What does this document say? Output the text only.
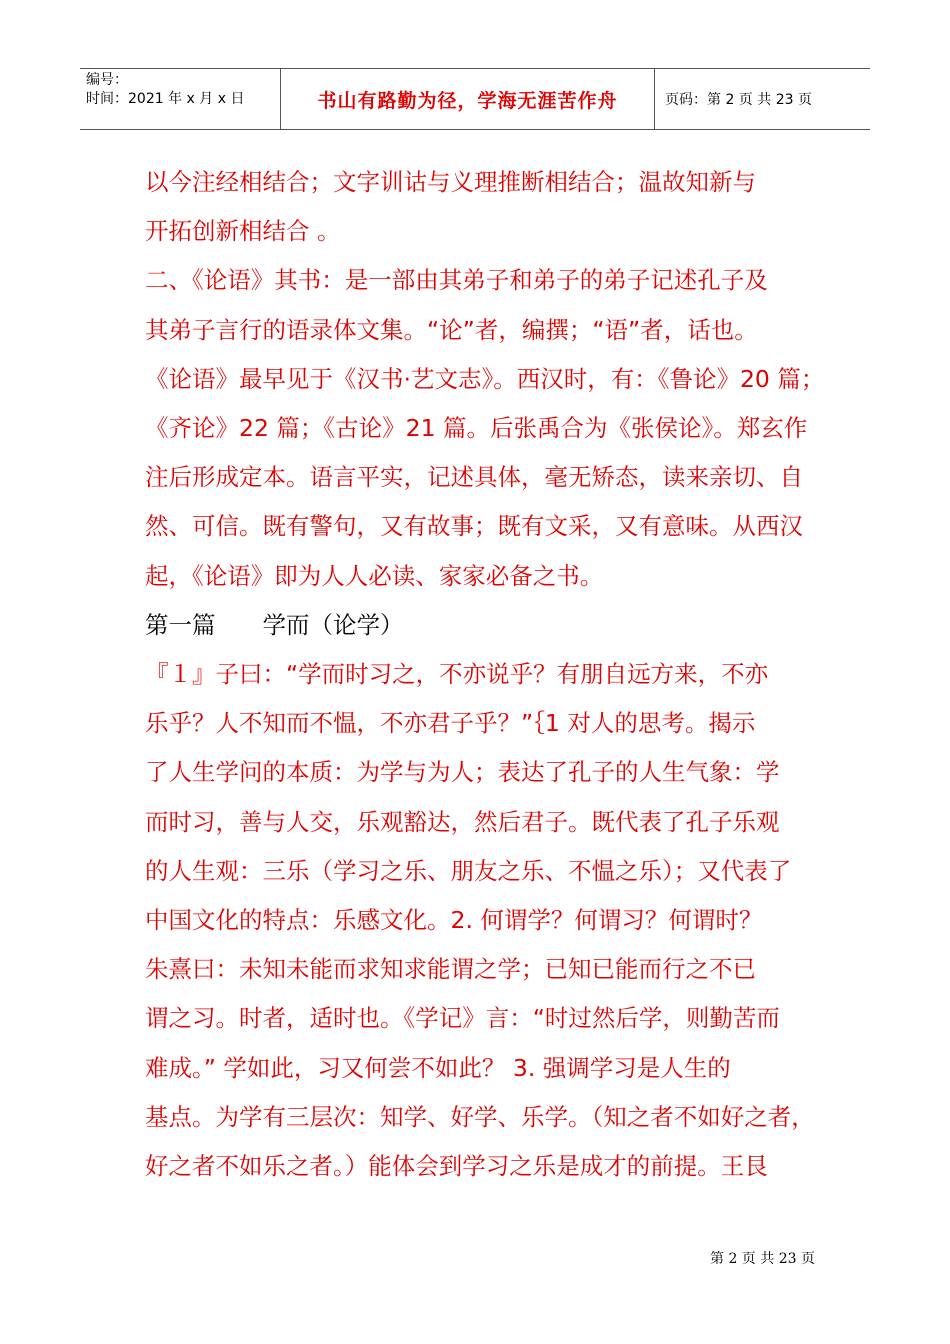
编号：
时间：2021 年 x 月 x 日	书山有路勤为径，学海无涯苦作舟	页码：第 2 页 共 23 页

以今注经相结合；文字训诂与义理推断相结合；温故知新与

开拓创新相结合 。

二、《论语》其书：是一部由其弟子和弟子的弟子记述孔子及

其弟子言行的语录体文集。“论”者，编撰；“语”者，话也。

《论语》最早见于《汉书·艺文志》。西汉时，有：《鲁论》20 篇；

《齐论》22 篇；《古论》21 篇。后张禹合为《张侯论》。郑玄作

注后形成定本。语言平实，记述具体，毫无矫态，读来亲切、自

然、可信。既有警句，又有故事；既有文采，又有意味。从西汉

起，《论语》即为人人必读、家家必备之书。

第一篇　　学而（论学）

『１』子曰：“学而时习之，不亦说乎？有朋自远方来，不亦

乐乎？人不知而不愠，不亦君子乎？”｛1 对人的思考。揭示

了人生学问的本质：为学与为人；表达了孔子的人生气象：学

而时习，善与人交，乐观豁达，然后君子。既代表了孔子乐观

的人生观：三乐（学习之乐、朋友之乐、不愠之乐）；又代表了

中国文化的特点：乐感文化。2. 何谓学？何谓习？何谓时？

朱熹曰：未知未能而求知求能谓之学；已知已能而行之不已

谓之习。时者，适时也。《学记》言：“时过然后学，则勤苦而

难成。” 学如此，习又何尝不如此？ 3. 强调学习是人生的

基点。为学有三层次：知学、好学、乐学。（知之者不如好之者，

好之者不如乐之者。）能体会到学习之乐是成才的前提。王艮

第 2 页 共 23 页
